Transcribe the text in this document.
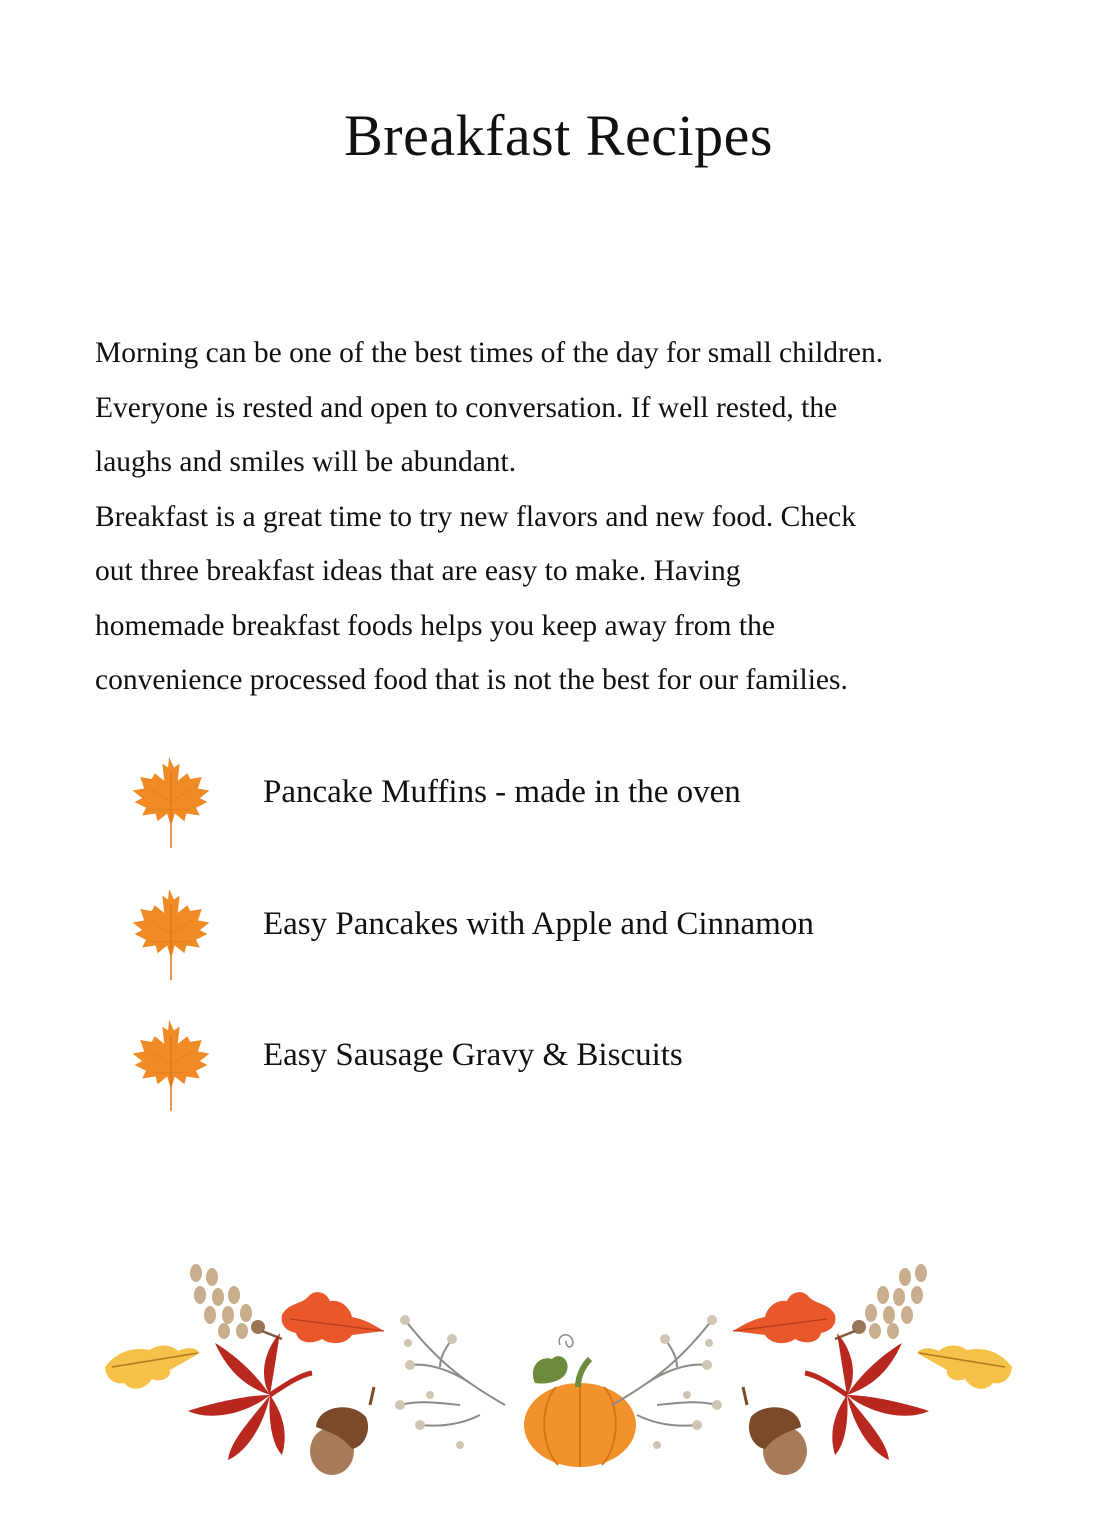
Breakfast Recipes
Morning can be one of the best times of the day for small children.
Everyone is rested and open to conversation. If well rested, the
laughs and smiles will be abundant.
Breakfast is a great time to try new flavors and new food. Check
out three breakfast ideas that are easy to make. Having
homemade breakfast foods helps you keep away from the
convenience processed food that is not the best for our families.
Pancake Muffins - made in the oven
Easy Pancakes with Apple and Cinnamon
Easy Sausage Gravy & Biscuits
